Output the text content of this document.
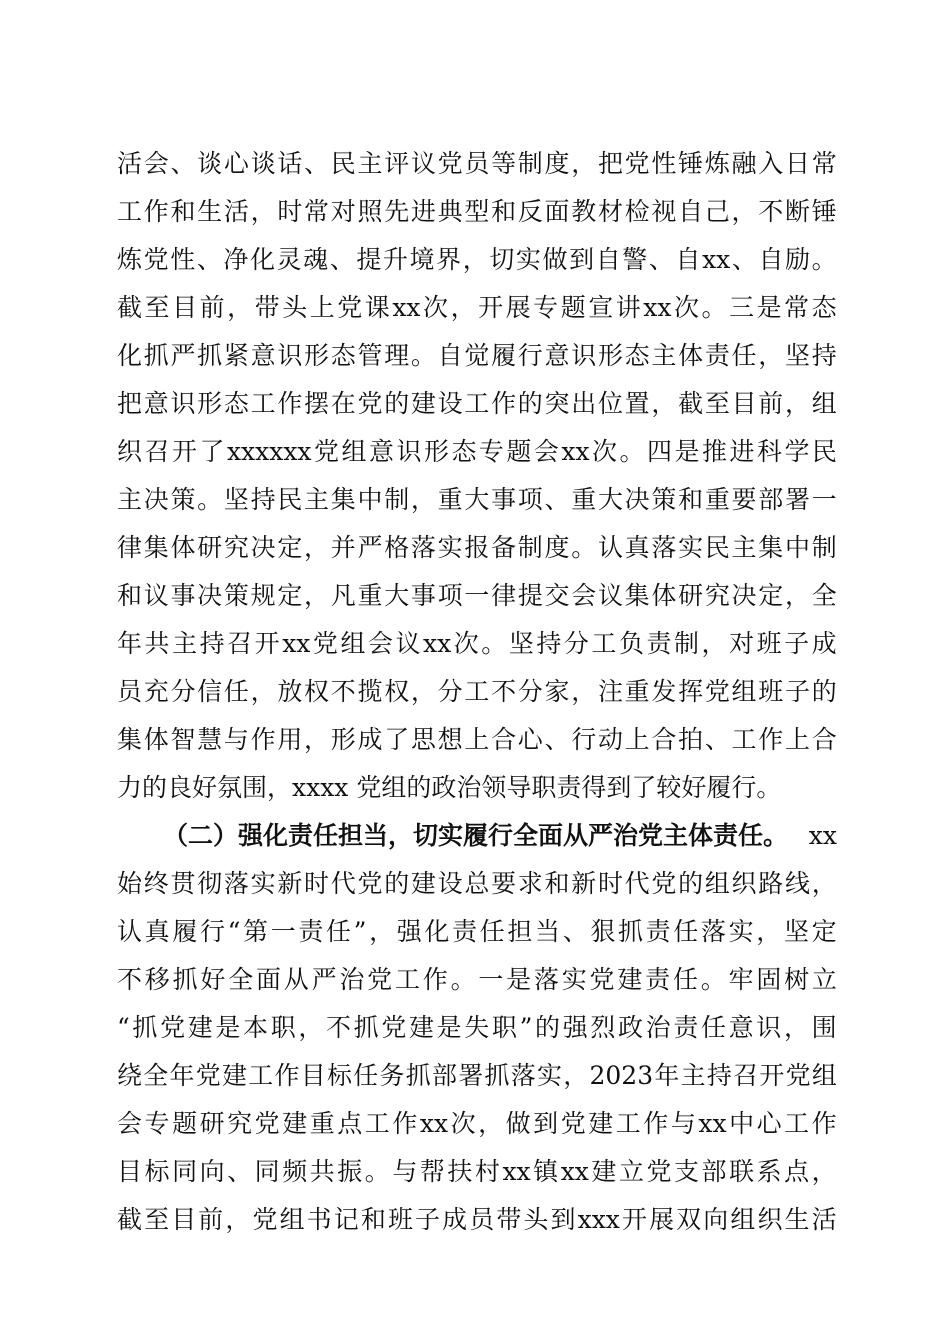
活 会 、 谈 心 谈 话 、 民 主 评 议 党 员 等 制 度 ， 把 党 性 锤 炼 融 入 日 常
工 作 和 生 活 ， 时 常 对 照 先 进 典 型 和 反 面 教 材 检 视 自 己 ， 不 断 锤
炼 党 性 、 净 化 灵 魂 、 提 升 境 界 ， 切 实 做 到 自 警 、 自 xx 、 自 励 。
截 至 目 前 ， 带 头 上 党 课 xx 次 ， 开 展 专 题 宣 讲 xx 次 。 三 是 常 态
化 抓 严 抓 紧 意 识 形 态 管 理 。 自 觉 履 行 意 识 形 态 主 体 责 任 ， 坚 持
把 意 识 形 态 工 作 摆 在 党 的 建 设 工 作 的 突 出 位 置 ， 截 至 目 前 ， 组
织 召 开 了 xxxxxx 党 组 意 识 形 态 专 题 会 xx 次 。 四 是 推 进 科 学 民
主 决 策 。 坚 持 民 主 集 中 制 ， 重 大 事 项 、 重 大 决 策 和 重 要 部 署 一
律 集 体 研 究 决 定 ， 并 严 格 落 实 报 备 制 度 。 认 真 落 实 民 主 集 中 制
和 议 事 决 策 规 定 ， 凡 重 大 事 项 一 律 提 交 会 议 集 体 研 究 决 定 ， 全
年 共 主 持 召 开 xx 党 组 会 议 xx 次 。 坚 持 分 工 负 责 制 ， 对 班 子 成
员 充 分 信 任 ， 放 权 不 揽 权 ， 分 工 不 分 家 ， 注 重 发 挥 党 组 班 子 的
集 体 智 慧 与 作 用 ， 形 成 了 思 想 上 合 心 、 行 动 上 合 拍 、 工 作 上 合
力的良好氛围，xxxx 党组的政治领导职责得到了较好履行。
（二）强化责任担当，切实履行全面从严治党主体责任。 xx
始 终 贯 彻 落 实 新 时 代 党 的 建 设 总 要 求 和 新 时 代 党 的 组 织 路 线 ，
认 真 履 行 “ 第 一 责 任 ” ， 强 化 责 任 担 当 、 狠 抓 责 任 落 实 ， 坚 定
不 移 抓 好 全 面 从 严 治 党 工 作 。 一 是 落 实 党 建 责 任 。 牢 固 树 立
“ 抓 党 建 是 本 职 ， 不 抓 党 建 是 失 职 ” 的 强 烈 政 治 责 任 意 识 ， 围
绕 全 年 党 建 工 作 目 标 任 务 抓 部 署 抓 落 实 ， 2023 年 主 持 召 开 党 组
会 专 题 研 究 党 建 重 点 工 作 xx 次 ， 做 到 党 建 工 作 与 xx 中 心 工 作
目 标 同 向 、 同 频 共 振 。 与 帮 扶 村 xx 镇 xx 建 立 党 支 部 联 系 点 ，
截 至 目 前 ， 党 组 书 记 和 班 子 成 员 带 头 到 xxx 开 展 双 向 组 织 生 活
